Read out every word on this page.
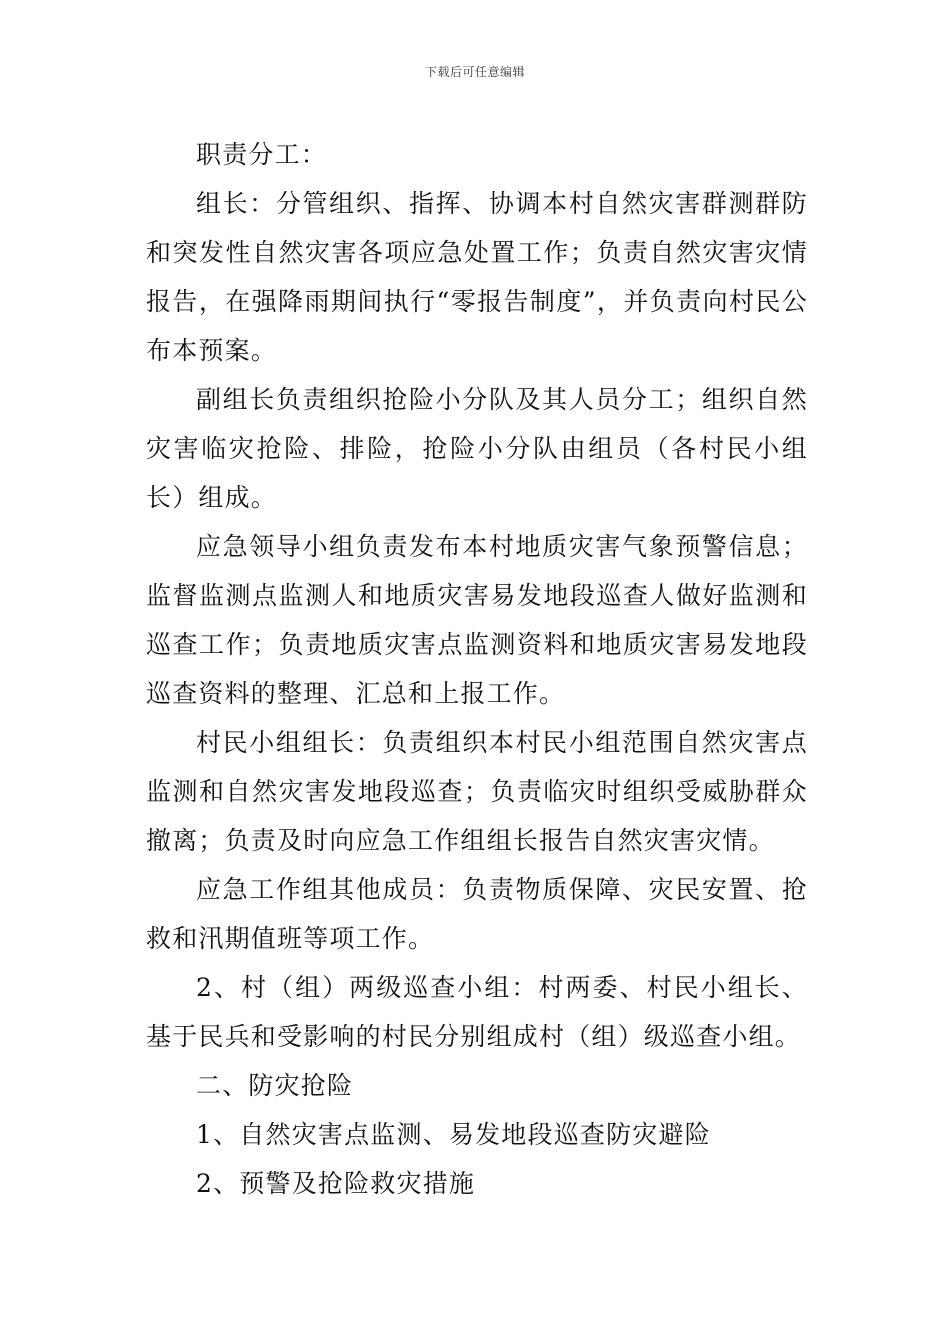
下载后可任意编辑

职责分工：

组长：分管组织、指挥、协调本村自然灾害群测群防和突发性自然灾害各项应急处置工作；负责自然灾害灾情报告，在强降雨期间执行“零报告制度”，并负责向村民公布本预案。

副组长负责组织抢险小分队及其人员分工；组织自然灾害临灾抢险、排险，抢险小分队由组员（各村民小组长）组成。

应急领导小组负责发布本村地质灾害气象预警信息；监督监测点监测人和地质灾害易发地段巡查人做好监测和巡查工作；负责地质灾害点监测资料和地质灾害易发地段巡查资料的整理、汇总和上报工作。

村民小组组长：负责组织本村民小组范围自然灾害点监测和自然灾害发地段巡查；负责临灾时组织受威胁群众撤离；负责及时向应急工作组组长报告自然灾害灾情。

应急工作组其他成员：负责物质保障、灾民安置、抢救和汛期值班等项工作。

2、村（组）两级巡查小组：村两委、村民小组长、基于民兵和受影响的村民分别组成村（组）级巡查小组。

二、防灾抢险

1、自然灾害点监测、易发地段巡查防灾避险

2、预警及抢险救灾措施
